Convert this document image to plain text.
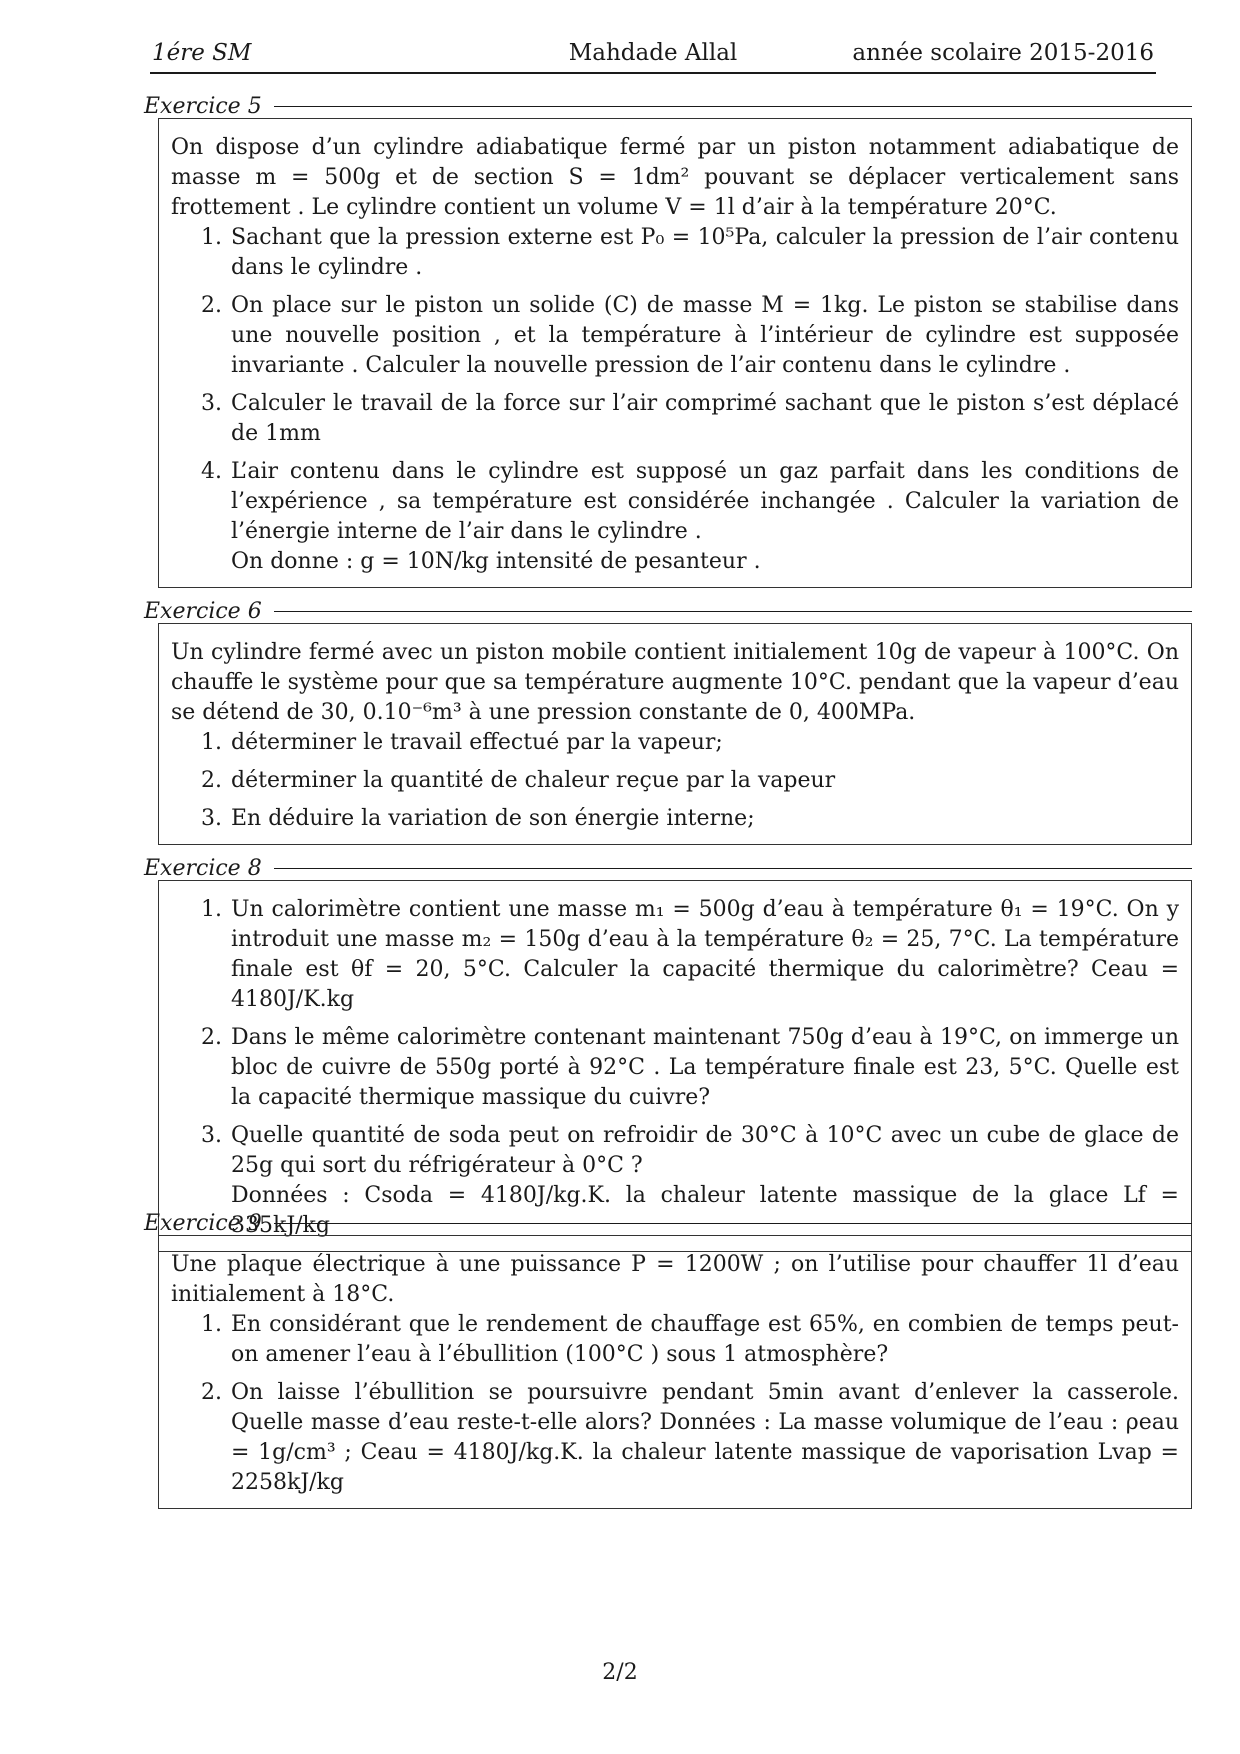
1ére SM	Mahdade Allal	année scolaire 2015-2016
Exercice 5

On dispose d’un cylindre adiabatique fermé par un piston notamment adiabatique de masse m = 500g et de section S = 1dm² pouvant se déplacer verticalement sans frottement . Le cylindre contient un volume V = 1l d’air à la température 20°C.

1. Sachant que la pression externe est P₀ = 10⁵Pa, calculer la pression de l’air contenu dans le cylindre .
2. On place sur le piston un solide (C) de masse M = 1kg. Le piston se stabilise dans une nouvelle position , et la température à l’intérieur de cylindre est supposée invariante . Calculer la nouvelle pression de l’air contenu dans le cylindre .
3. Calculer le travail de la force sur l’air comprimé sachant que le piston s’est déplacé de 1mm
4. L’air contenu dans le cylindre est supposé un gaz parfait dans les conditions de l’expérience , sa température est considérée inchangée . Calculer la variation de l’énergie interne de l’air dans le cylindre .
On donne : g = 10N/kg intensité de pesanteur .
Exercice 6

Un cylindre fermé avec un piston mobile contient initialement 10g de vapeur à 100°C. On chauffe le système pour que sa température augmente 10°C. pendant que la vapeur d’eau se détend de 30, 0.10⁻⁶m³ à une pression constante de 0, 400MPa.

1. déterminer le travail effectué par la vapeur;
2. déterminer la quantité de chaleur reçue par la vapeur
3. En déduire la variation de son énergie interne;
Exercice 8
1. Un calorimètre contient une masse m₁ = 500g d’eau à température θ₁ = 19°C. On y introduit une masse m₂ = 150g d’eau à la température θ₂ = 25, 7°C. La température finale est θf = 20, 5°C. Calculer la capacité thermique du calorimètre? Ceau = 4180J/K.kg
2. Dans le même calorimètre contenant maintenant 750g d’eau à 19°C, on immerge un bloc de cuivre de 550g porté à 92°C . La température finale est 23, 5°C. Quelle est la capacité thermique massique du cuivre?
3. Quelle quantité de soda peut on refroidir de 30°C à 10°C avec un cube de glace de 25g qui sort du réfrigérateur à 0°C ?
Données : Csoda = 4180J/kg.K. la chaleur latente massique de la glace Lf = 335kJ/kg
Exercice 9

Une plaque électrique à une puissance P = 1200W ; on l’utilise pour chauffer 1l d’eau initialement à 18°C.

1. En considérant que le rendement de chauffage est 65%, en combien de temps peut-on amener l’eau à l’ébullition (100°C ) sous 1 atmosphère?
2. On laisse l’ébullition se poursuivre pendant 5min avant d’enlever la casserole. Quelle masse d’eau reste-t-elle alors? Données : La masse volumique de l’eau : ρeau = 1g/cm³ ; Ceau = 4180J/kg.K. la chaleur latente massique de vaporisation Lvap = 2258kJ/kg
2/2
